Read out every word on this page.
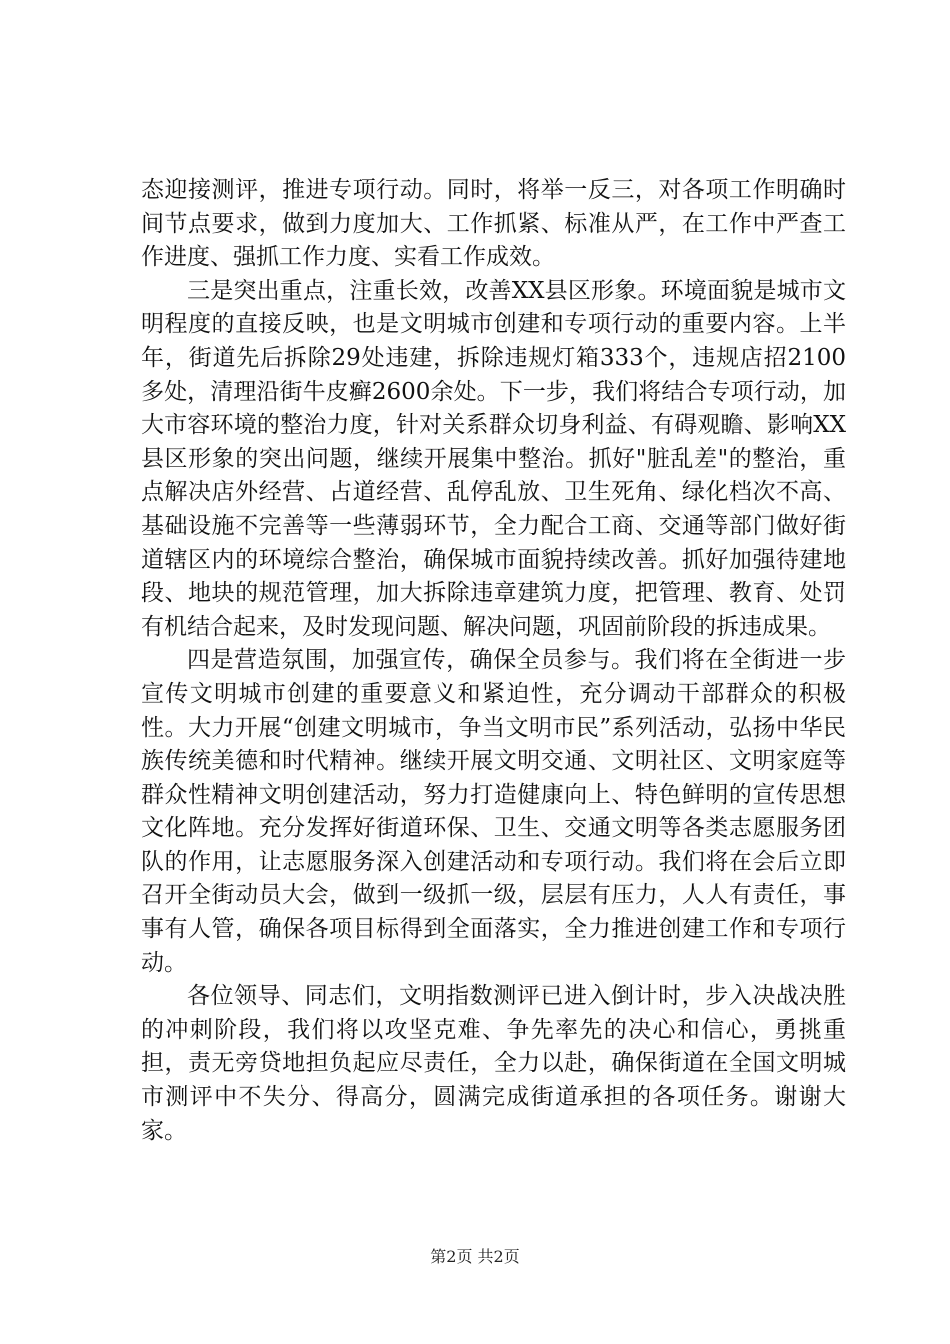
态迎接测评，推进专项行动。同时，将举一反三，对各项工作明确时间节点要求，做到力度加大、工作抓紧、标准从严，在工作中严查工作进度、强抓工作力度、实看工作成效。

三是突出重点，注重长效，改善XX县区形象。环境面貌是城市文明程度的直接反映，也是文明城市创建和专项行动的重要内容。上半年，街道先后拆除29处违建，拆除违规灯箱333个，违规店招2100多处，清理沿街牛皮癣2600余处。下一步，我们将结合专项行动，加大市容环境的整治力度，针对关系群众切身利益、有碍观瞻、影响XX县区形象的突出问题，继续开展集中整治。抓好"脏乱差"的整治，重点解决店外经营、占道经营、乱停乱放、卫生死角、绿化档次不高、基础设施不完善等一些薄弱环节，全力配合工商、交通等部门做好街道辖区内的环境综合整治，确保城市面貌持续改善。抓好加强待建地段、地块的规范管理，加大拆除违章建筑力度，把管理、教育、处罚有机结合起来，及时发现问题、解决问题，巩固前阶段的拆违成果。

四是营造氛围，加强宣传，确保全员参与。我们将在全街进一步宣传文明城市创建的重要意义和紧迫性，充分调动干部群众的积极性。大力开展“创建文明城市，争当文明市民”系列活动，弘扬中华民族传统美德和时代精神。继续开展文明交通、文明社区、文明家庭等群众性精神文明创建活动，努力打造健康向上、特色鲜明的宣传思想文化阵地。充分发挥好街道环保、卫生、交通文明等各类志愿服务团队的作用，让志愿服务深入创建活动和专项行动。我们将在会后立即召开全街动员大会，做到一级抓一级，层层有压力，人人有责任，事事有人管，确保各项目标得到全面落实，全力推进创建工作和专项行动。

各位领导、同志们，文明指数测评已进入倒计时，步入决战决胜的冲刺阶段，我们将以攻坚克难、争先率先的决心和信心，勇挑重担，责无旁贷地担负起应尽责任，全力以赴，确保街道在全国文明城市测评中不失分、得高分，圆满完成街道承担的各项任务。谢谢大家。

第2页 共2页
